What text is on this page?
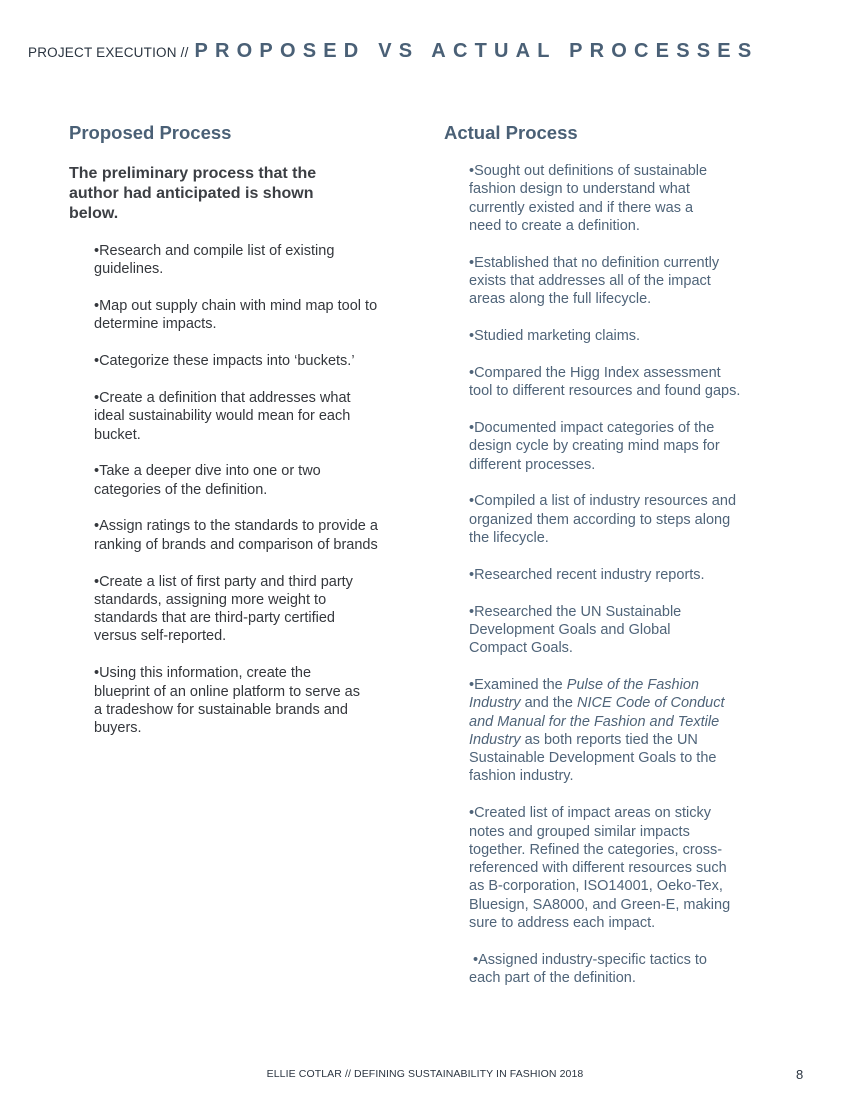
PROJECT EXECUTION // PROPOSED VS ACTUAL PROCESSES
Proposed Process
The preliminary process that the author had anticipated is shown below.

•Research and compile list of existing guidelines.

•Map out supply chain with mind map tool to determine impacts.

•Categorize these impacts into ‘buckets.’

•Create a definition that addresses what ideal sustainability would mean for each bucket.

•Take a deeper dive into one or two categories of the definition.

•Assign ratings to the standards to provide a ranking of brands and comparison of brands

•Create a list of first party and third party standards, assigning more weight to standards that are third-party certified versus self-reported.

•Using this information, create the blueprint of an online platform to serve as a tradeshow for sustainable brands and buyers.

Actual Process

•Sought out definitions of sustainable fashion design to understand what currently existed and if there was a need to create a definition.

•Established that no definition currently exists that addresses all of the impact areas along the full lifecycle.

•Studied marketing claims.

•Compared the Higg Index assessment tool to different resources and found gaps.

•Documented impact categories of the design cycle by creating mind maps for different processes.

•Compiled a list of industry resources and organized them according to steps along the lifecycle.

•Researched recent industry reports.

•Researched the UN Sustainable Development Goals and Global Compact Goals.

•Examined the Pulse of the Fashion Industry and the NICE Code of Conduct and Manual for the Fashion and Textile Industry as both reports tied the UN Sustainable Development Goals to the fashion industry.

•Created list of impact areas on sticky notes and grouped similar impacts together. Refined the categories, cross-referenced with different resources such as B-corporation, ISO14001, Oeko-Tex, Bluesign, SA8000, and Green-E, making sure to address each impact.

•Assigned industry-specific tactics to each part of the definition.

ELLIE COTLAR // DEFINING SUSTAINABILITY IN FASHION 2018	8
